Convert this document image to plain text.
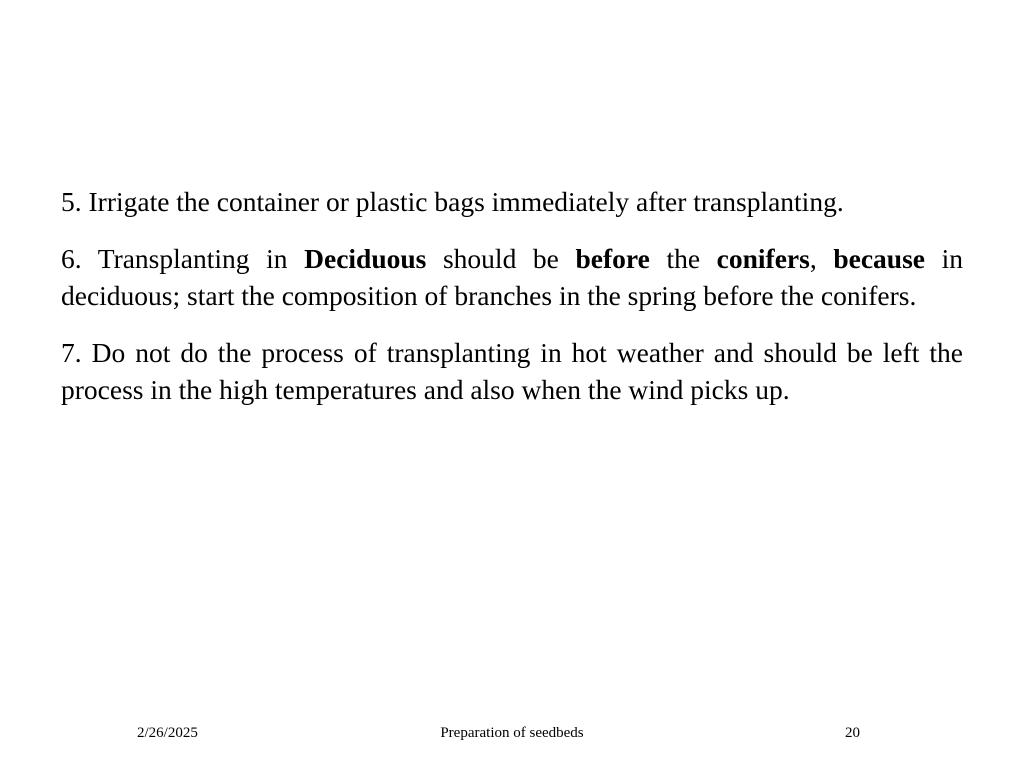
5. Irrigate the container or plastic bags immediately after transplanting.

6. Transplanting in Deciduous should be before the conifers, because in deciduous; start the composition of branches in the spring before the conifers.

7. Do not do the process of transplanting in hot weather and should be left the process in the high temperatures and also when the wind picks up.

2/26/2025	Preparation of seedbeds	20
